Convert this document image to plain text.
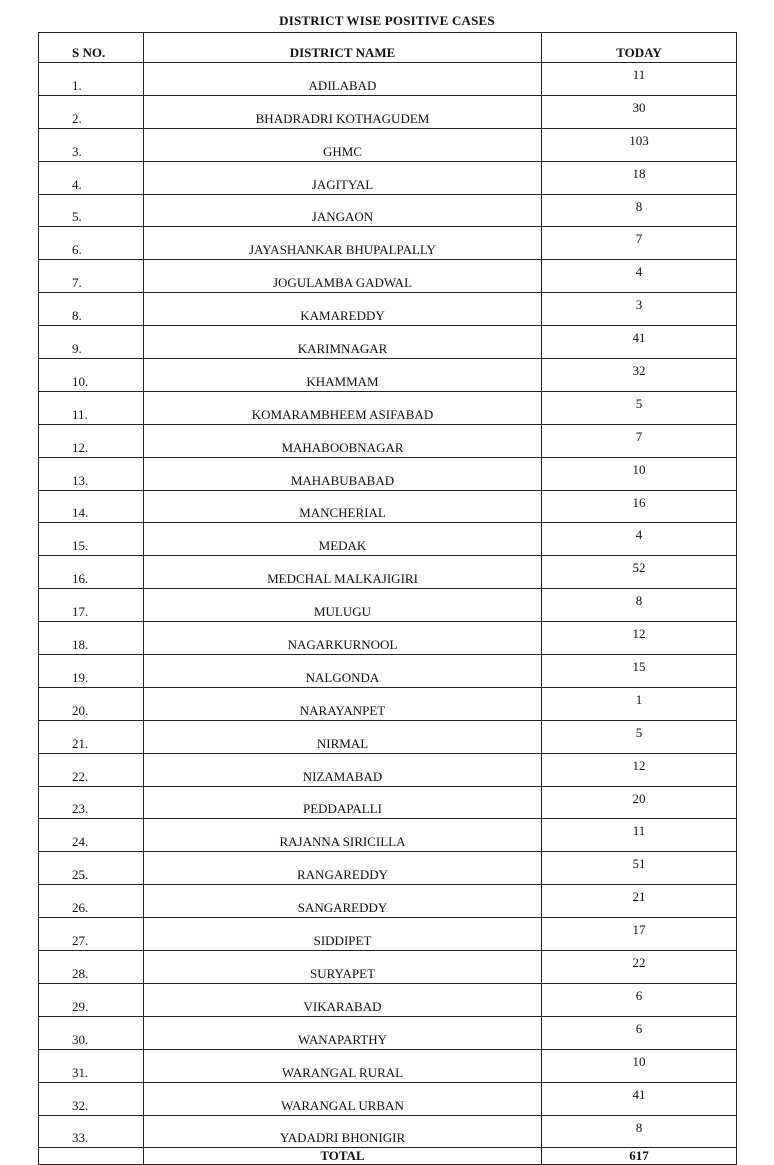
DISTRICT WISE POSITIVE CASES
S NO.	DISTRICT NAME	TODAY
1.	ADILABAD	11
2.	BHADRADRI KOTHAGUDEM	30
3.	GHMC	103
4.	JAGITYAL	18
5.	JANGAON	8
6.	JAYASHANKAR BHUPALPALLY	7
7.	JOGULAMBA GADWAL	4
8.	KAMAREDDY	3
9.	KARIMNAGAR	41
10.	KHAMMAM	32
11.	KOMARAMBHEEM ASIFABAD	5
12.	MAHABOOBNAGAR	7
13.	MAHABUBABAD	10
14.	MANCHERIAL	16
15.	MEDAK	4
16.	MEDCHAL MALKAJIGIRI	52
17.	MULUGU	8
18.	NAGARKURNOOL	12
19.	NALGONDA	15
20.	NARAYANPET	1
21.	NIRMAL	5
22.	NIZAMABAD	12
23.	PEDDAPALLI	20
24.	RAJANNA SIRICILLA	11
25.	RANGAREDDY	51
26.	SANGAREDDY	21
27.	SIDDIPET	17
28.	SURYAPET	22
29.	VIKARABAD	6
30.	WANAPARTHY	6
31.	WARANGAL RURAL	10
32.	WARANGAL URBAN	41
33.	YADADRI BHONIGIR	8
	TOTAL	617
